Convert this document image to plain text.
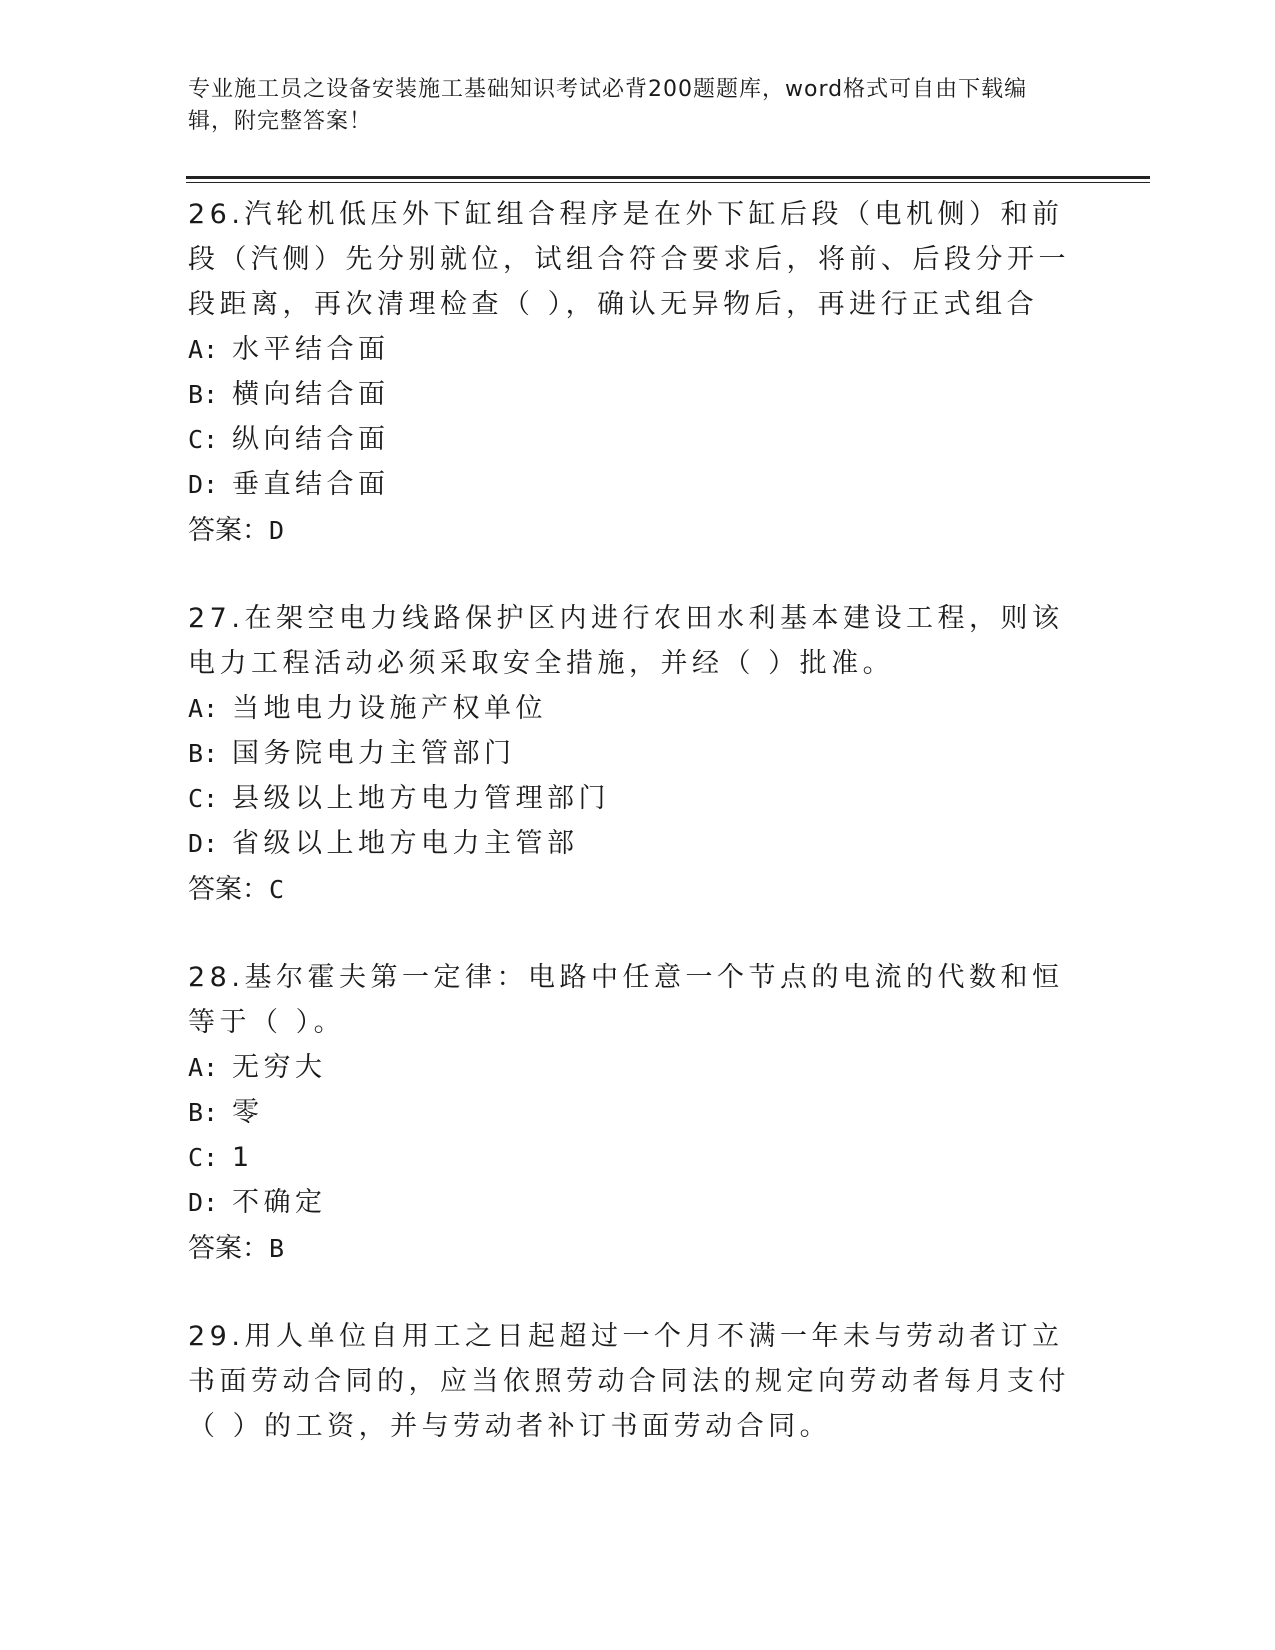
专业施工员之设备安装施工基础知识考试必背200题题库，word格式可自由下载编辑，附完整答案！
26.汽轮机低压外下缸组合程序是在外下缸后段（电机侧）和前段（汽侧）先分别就位，试组合符合要求后，将前、后段分开一段距离，再次清理检查（ ），确认无异物后，再进行正式组合
A: 水平结合面
B: 横向结合面
C: 纵向结合面
D: 垂直结合面
答案：D
27.在架空电力线路保护区内进行农田水利基本建设工程，则该电力工程活动必须采取安全措施，并经（ ）批准。
A: 当地电力设施产权单位
B: 国务院电力主管部门
C: 县级以上地方电力管理部门
D: 省级以上地方电力主管部
答案：C
28.基尔霍夫第一定律：电路中任意一个节点的电流的代数和恒等于（ ）。
A: 无穷大
B: 零
C: 1
D: 不确定
答案：B
29.用人单位自用工之日起超过一个月不满一年未与劳动者订立书面劳动合同的，应当依照劳动合同法的规定向劳动者每月支付（ ）的工资，并与劳动者补订书面劳动合同。
